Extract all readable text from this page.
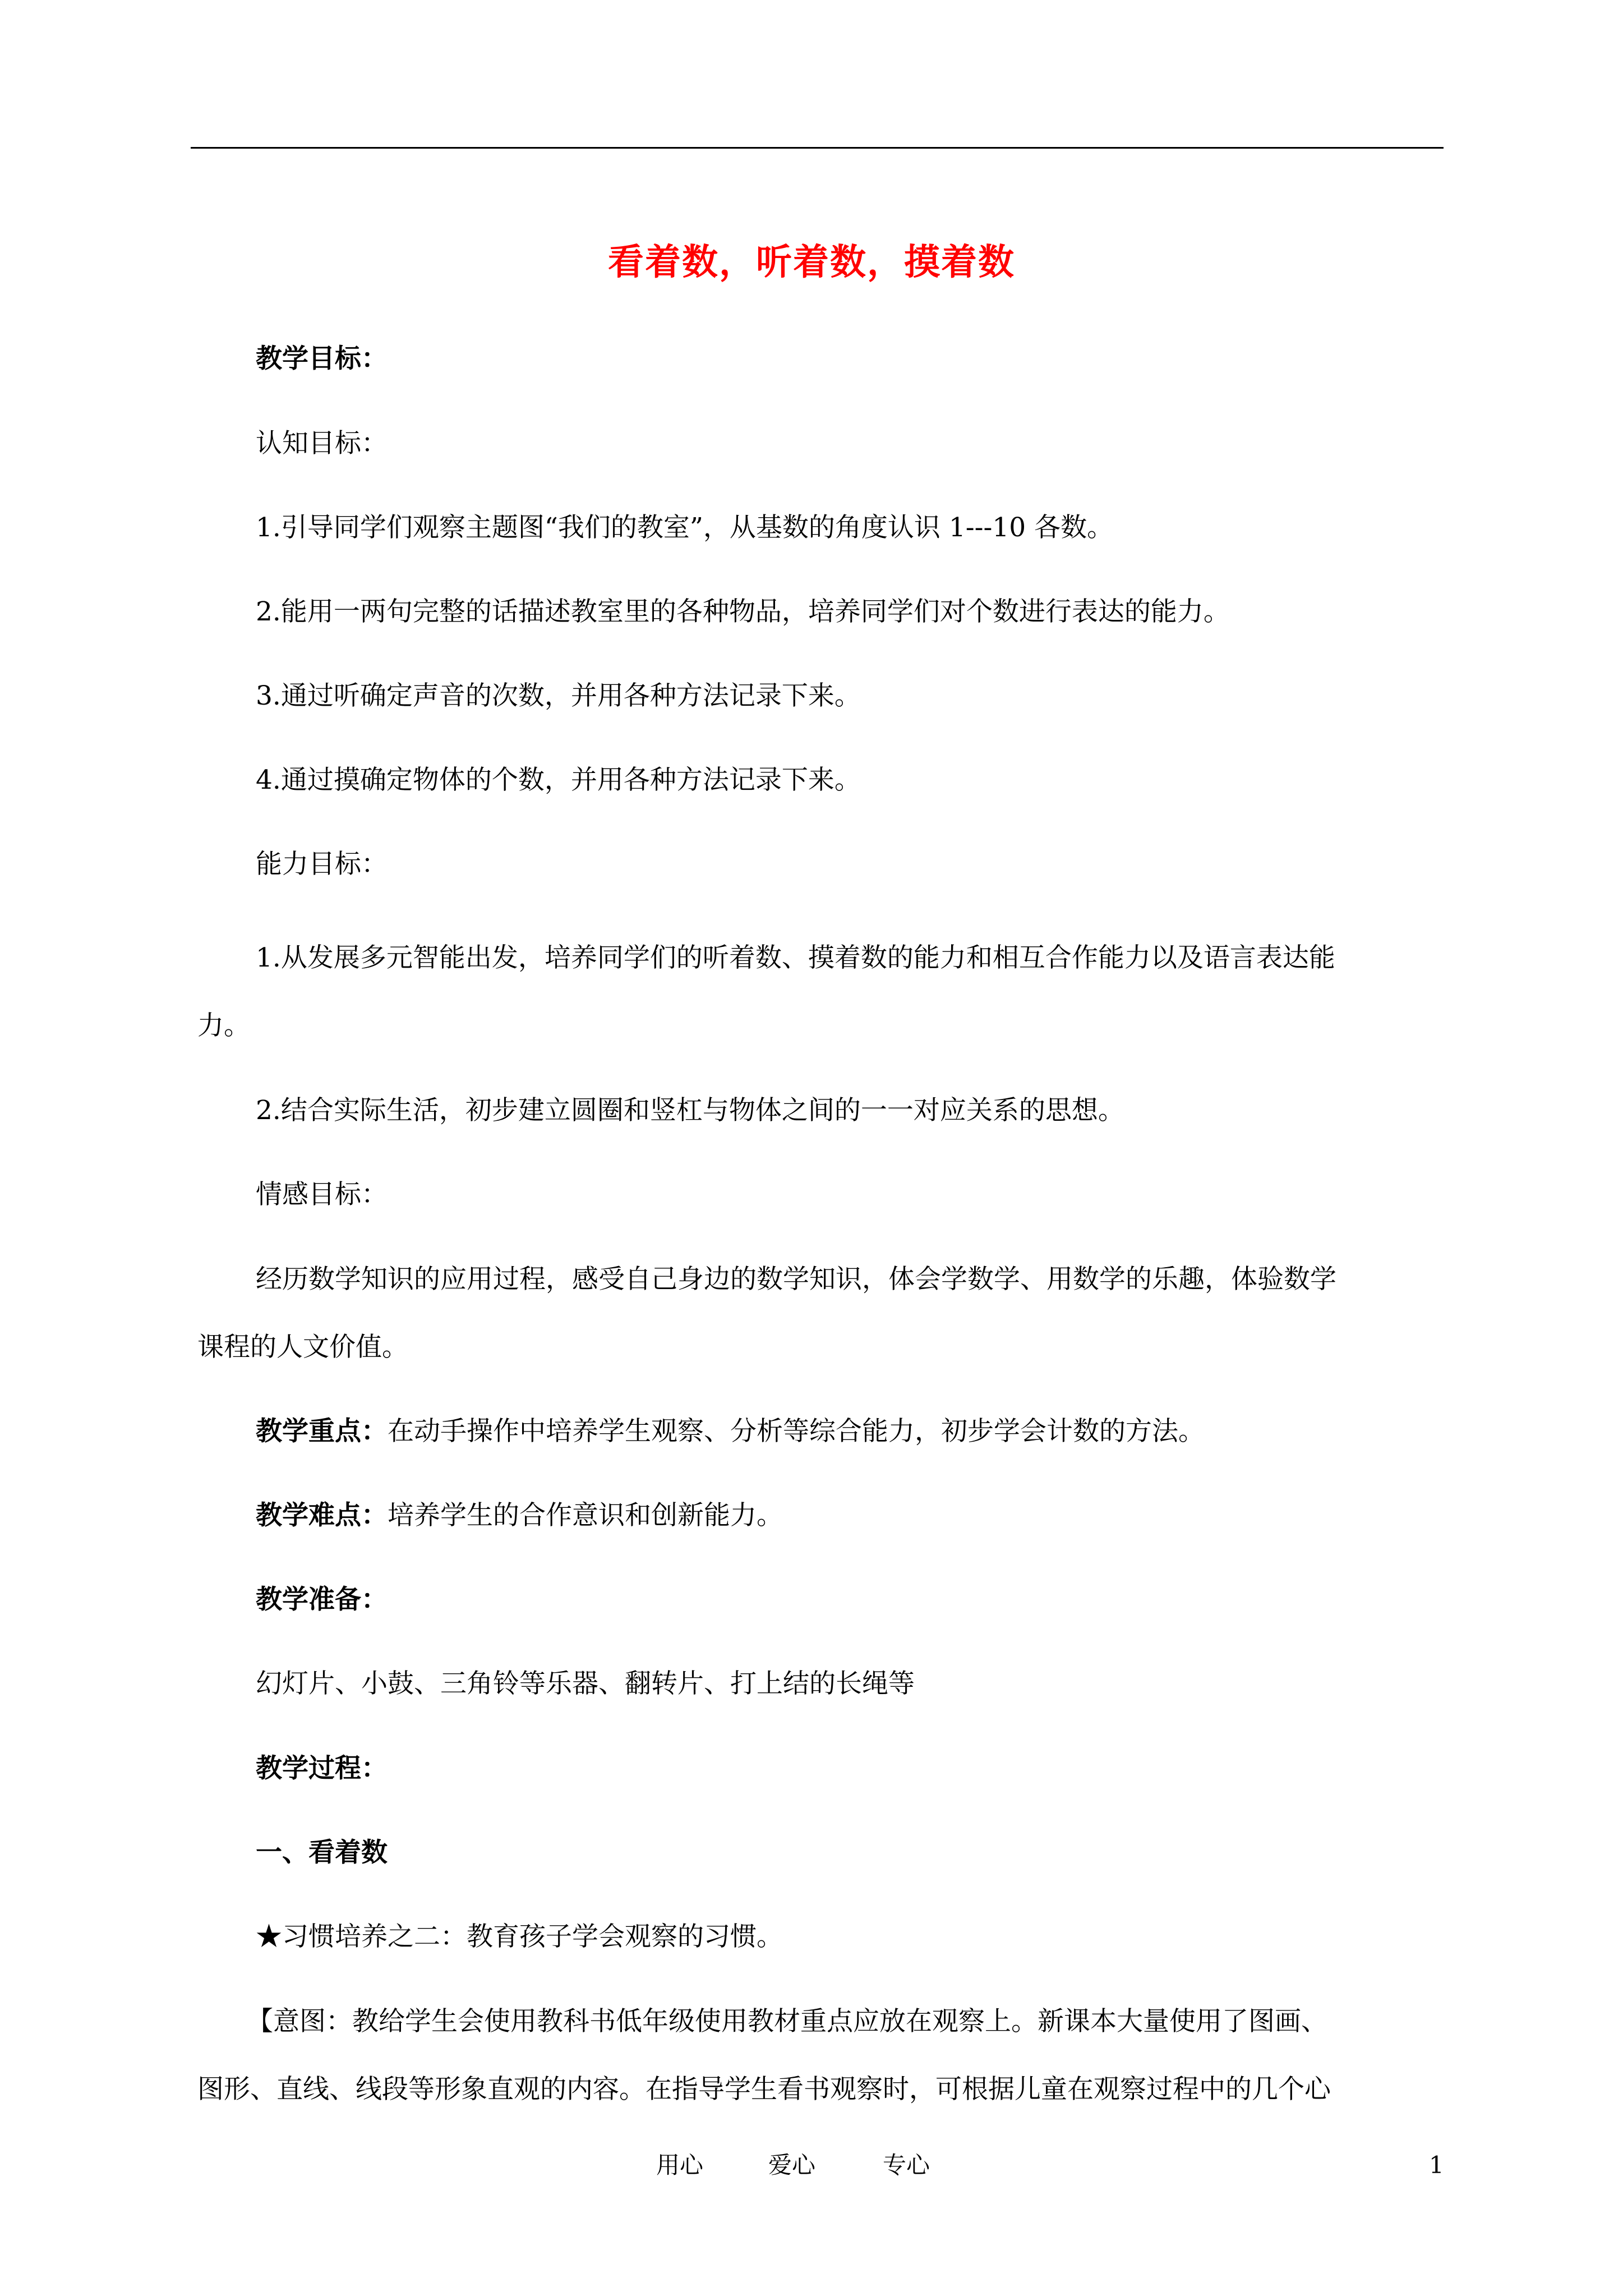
看着数，听着数，摸着数
教学目标：
认知目标：
1.引导同学们观察主题图“我们的教室”，从基数的角度认识 1---10 各数。
2.能用一两句完整的话描述教室里的各种物品，培养同学们对个数进行表达的能力。
3.通过听确定声音的次数，并用各种方法记录下来。
4.通过摸确定物体的个数，并用各种方法记录下来。
能力目标：
1.从发展多元智能出发，培养同学们的听着数、摸着数的能力和相互合作能力以及语言表达能
力。
2.结合实际生活，初步建立圆圈和竖杠与物体之间的一一对应关系的思想。
情感目标：
经历数学知识的应用过程，感受自己身边的数学知识，体会学数学、用数学的乐趣，体验数学
课程的人文价值。
教学重点：在动手操作中培养学生观察、分析等综合能力，初步学会计数的方法。
教学难点：培养学生的合作意识和创新能力。
教学准备：
幻灯片、小鼓、三角铃等乐器、翻转片、打上结的长绳等
教学过程：
一、看着数
★习惯培养之二：教育孩子学会观察的习惯。
【意图：教给学生会使用教科书低年级使用教材重点应放在观察上。新课本大量使用了图画、
图形、直线、线段等形象直观的内容。在指导学生看书观察时，可根据儿童在观察过程中的几个心
用心	爱心	专心	1
